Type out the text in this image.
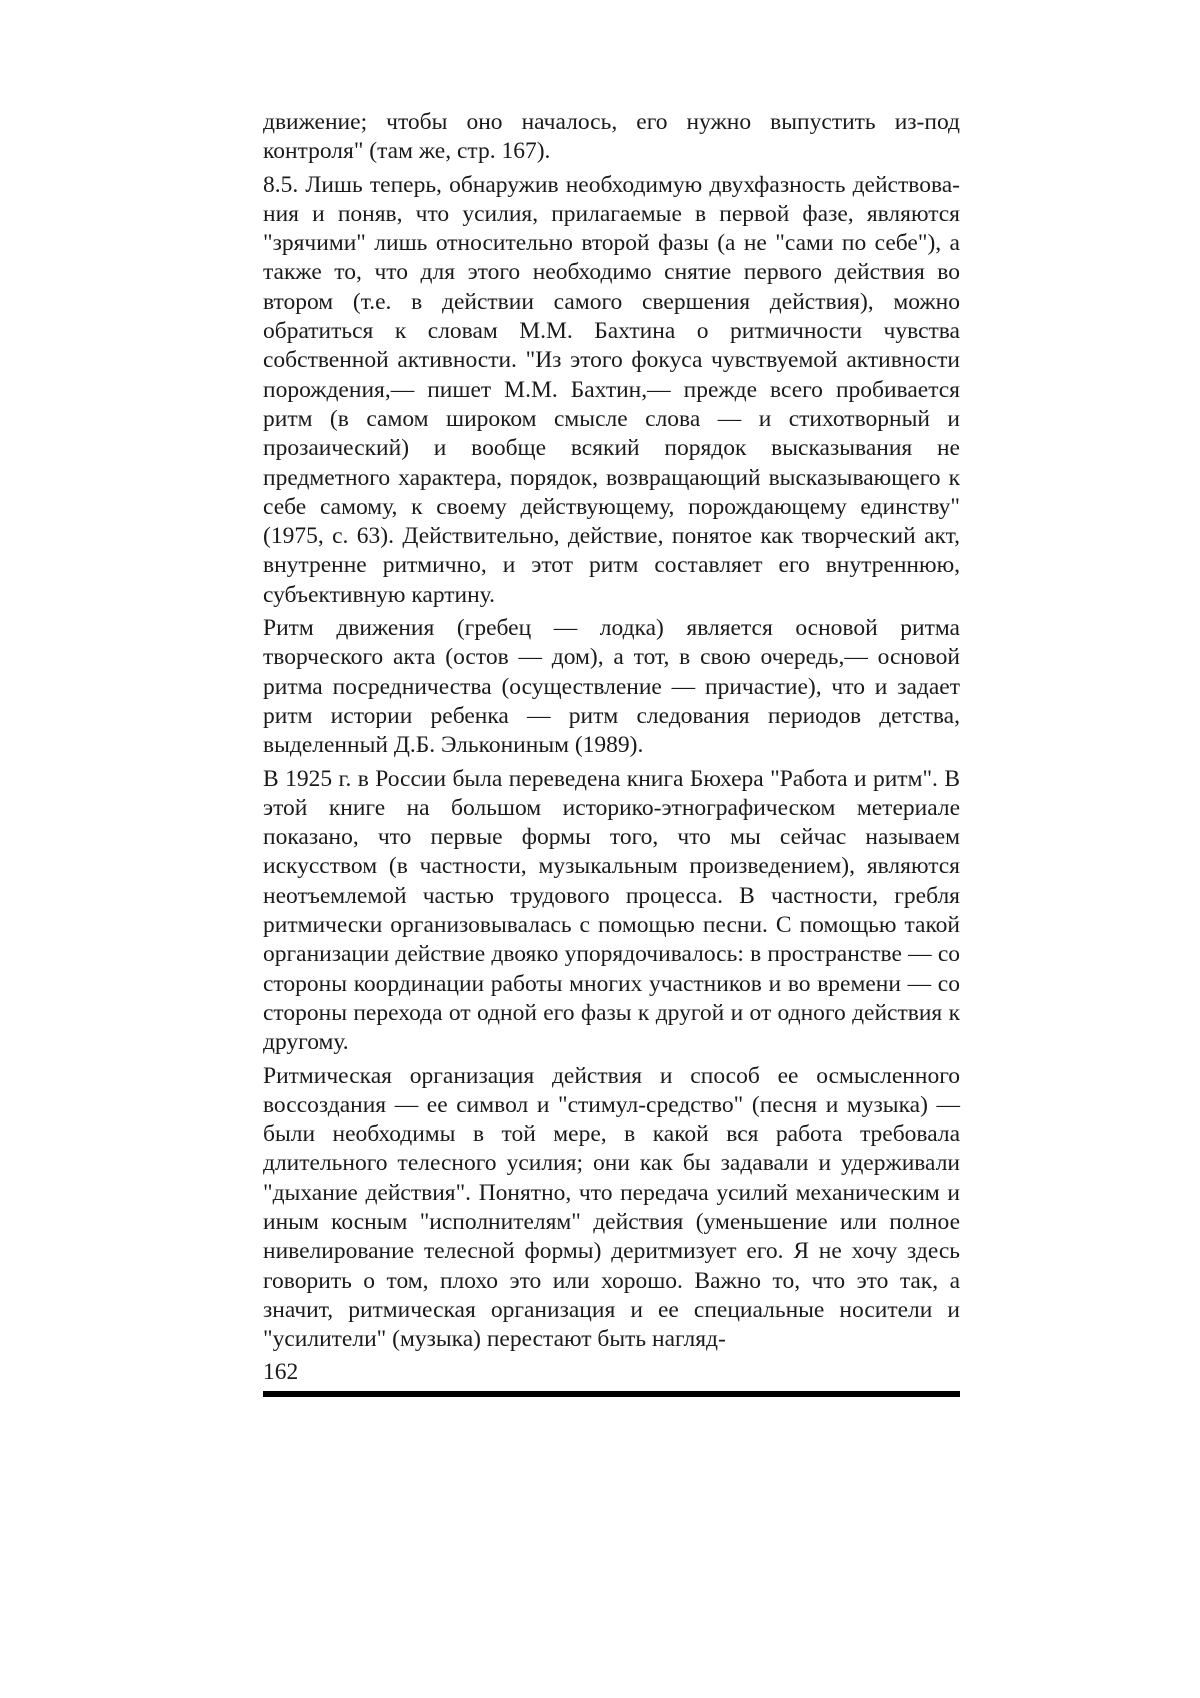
движение; чтобы оно началось, его нужно выпустить из-под контроля" (там же, стр. 167).

8.5. Лишь теперь, обнаружив необходимую двухфазность действова-ния и поняв, что усилия, прилагаемые в первой фазе, являются "зрячими" лишь относительно второй фазы (а не "сами по себе"), а также то, что для этого необходимо снятие первого действия во втором (т.е. в действии самого свершения действия), можно обратиться к словам М.М. Бахтина о ритмичности чувства собственной активности. "Из этого фокуса чувствуемой активности порождения,— пишет М.М. Бахтин,— прежде всего пробивается ритм (в самом широком смысле слова — и стихотворный и прозаический) и вообще всякий порядок высказывания не предметного характера, порядок, возвращающий высказывающего к себе самому, к своему действующему, порождающему единству" (1975, с. 63). Действительно, действие, понятое как творческий акт, внутренне ритмично, и этот ритм составляет его внутреннюю, субъективную картину.

Ритм движения (гребец — лодка) является основой ритма творческого акта (остов — дом), а тот, в свою очередь,— основой ритма посредничества (осуществление — причастие), что и задает ритм истории ребенка — ритм следования периодов детства, выделенный Д.Б. Элькониным (1989).

В 1925 г. в России была переведена книга Бюхера "Работа и ритм". В этой книге на большом историко-этнографическом метериале показано, что первые формы того, что мы сейчас называем искусством (в частности, музыкальным произведением), являются неотъемлемой частью трудового процесса. В частности, гребля ритмически организовывалась с помощью песни. С помощью такой организации действие двояко упорядочивалось: в пространстве — со стороны координации работы многих участников и во времени — со стороны перехода от одной его фазы к другой и от одного действия к другому.

Ритмическая организация действия и способ ее осмысленного воссоздания — ее символ и "стимул-средство" (песня и музыка) — были необходимы в той мере, в какой вся работа требовала длительного телесного усилия; они как бы задавали и удерживали "дыхание действия". Понятно, что передача усилий механическим и иным косным "исполнителям" действия (уменьшение или полное нивелирование телесной формы) деритмизует его. Я не хочу здесь говорить о том, плохо это или хорошо. Важно то, что это так, а значит, ритмическая организация и ее специальные носители и "усилители" (музыка) перестают быть нагляд-

162
